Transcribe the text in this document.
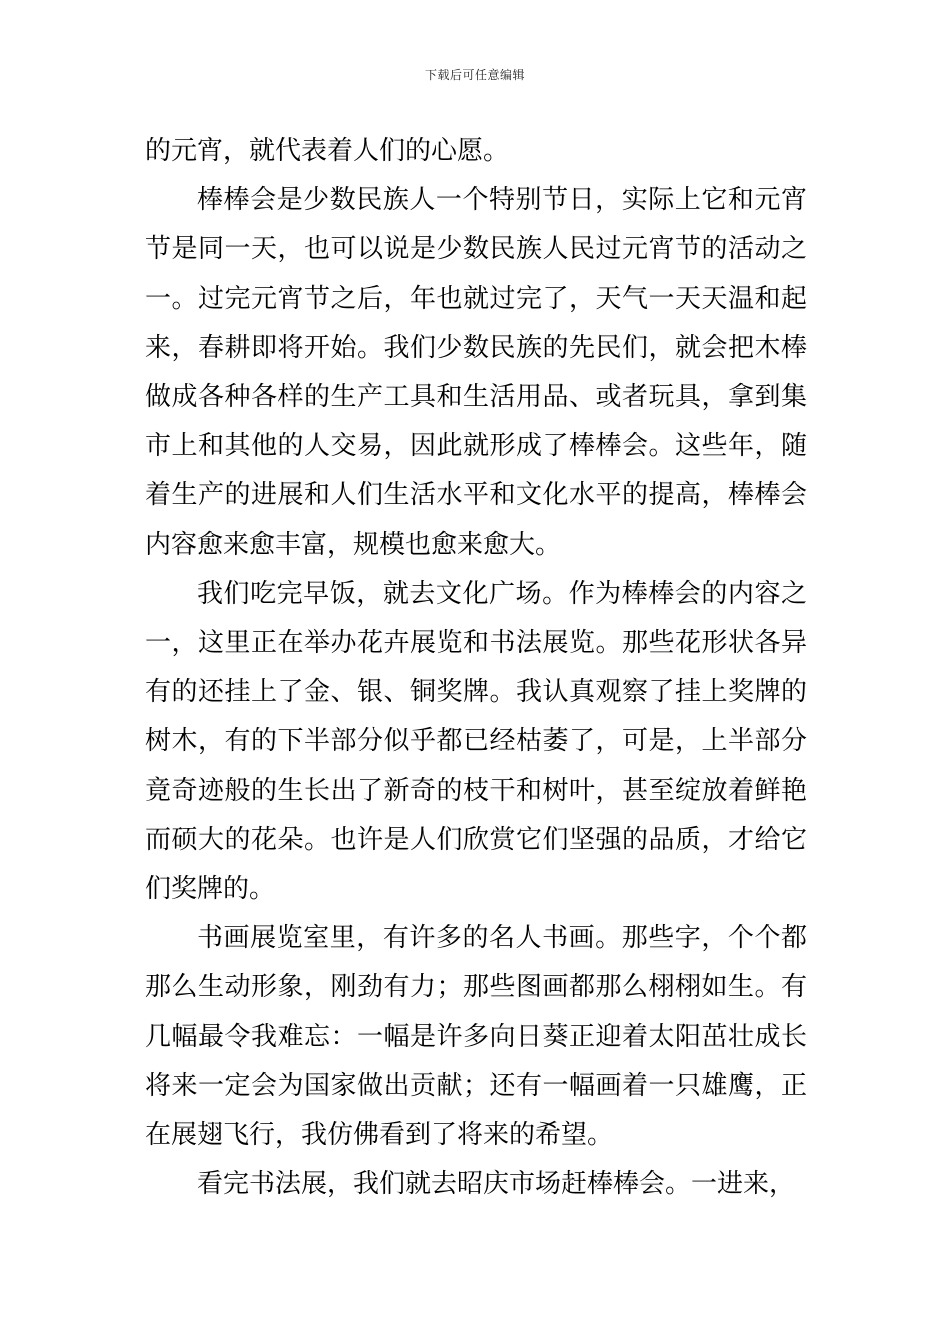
下载后可任意编辑

的元宵，就代表着人们的心愿。

棒棒会是少数民族人一个特别节日，实际上它和元宵节是同一天，也可以说是少数民族人民过元宵节的活动之一。过完元宵节之后，年也就过完了，天气一天天温和起来，春耕即将开始。我们少数民族的先民们，就会把木棒做成各种各样的生产工具和生活用品、或者玩具，拿到集市上和其他的人交易，因此就形成了棒棒会。这些年，随着生产的进展和人们生活水平和文化水平的提高，棒棒会内容愈来愈丰富，规模也愈来愈大。

我们吃完早饭，就去文化广场。作为棒棒会的内容之一，这里正在举办花卉展览和书法展览。那些花形状各异有的还挂上了金、银、铜奖牌。我认真观察了挂上奖牌的树木，有的下半部分似乎都已经枯萎了，可是，上半部分竟奇迹般的生长出了新奇的枝干和树叶，甚至绽放着鲜艳而硕大的花朵。也许是人们欣赏它们坚强的品质，才给它们奖牌的。

书画展览室里，有许多的名人书画。那些字，个个都那么生动形象，刚劲有力；那些图画都那么栩栩如生。有几幅最令我难忘：一幅是许多向日葵正迎着太阳茁壮成长将来一定会为国家做出贡献；还有一幅画着一只雄鹰，正在展翅飞行，我仿佛看到了将来的希望。

看完书法展，我们就去昭庆市场赶棒棒会。一进来，
